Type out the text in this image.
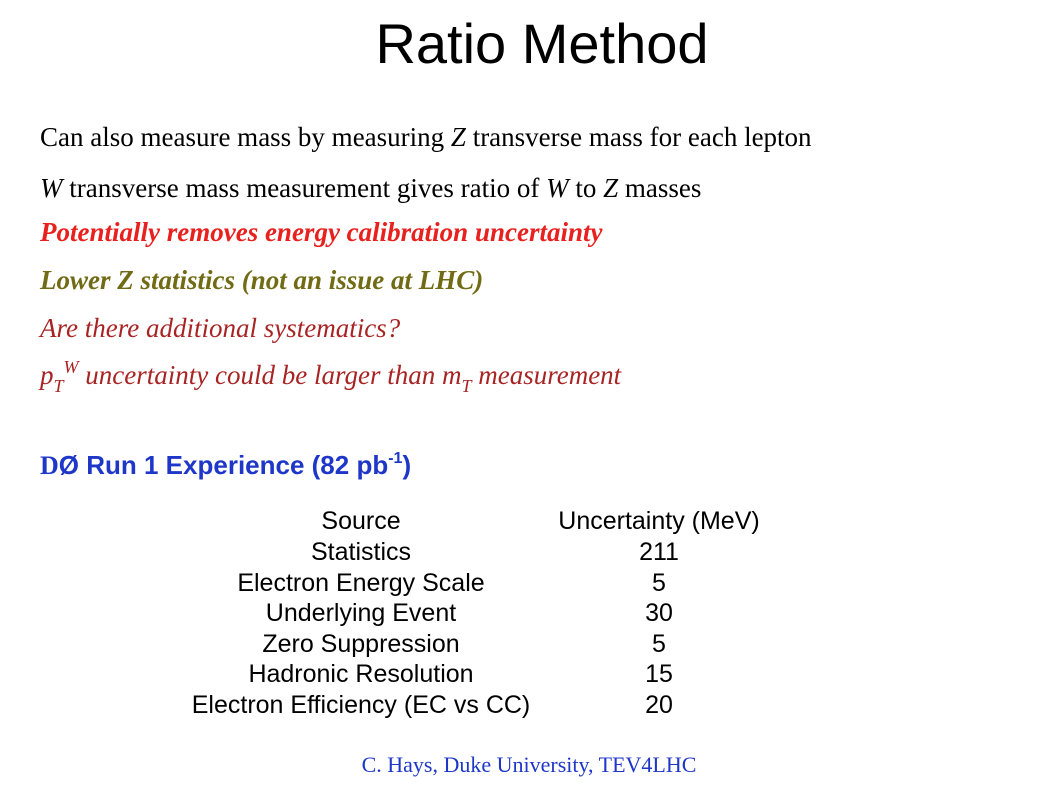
Ratio Method
Can also measure mass by measuring Z transverse mass for each lepton
W transverse mass measurement gives ratio of W to Z masses
Potentially removes energy calibration uncertainty
Lower Z statistics (not an issue at LHC)
Are there additional systematics?
$p_T^W$ uncertainty could be larger than $m_T$ measurement
DØ Run 1 Experience (82 $pb^{-1}$)
Source
Statistics
Electron Energy Scale
Underlying Event
Zero Suppression
Hadronic Resolution
Electron Efficiency (EC vs CC)
Uncertainty (MeV)
211
5
30
5
15
20
C. Hays, Duke University, TEV4LHC
